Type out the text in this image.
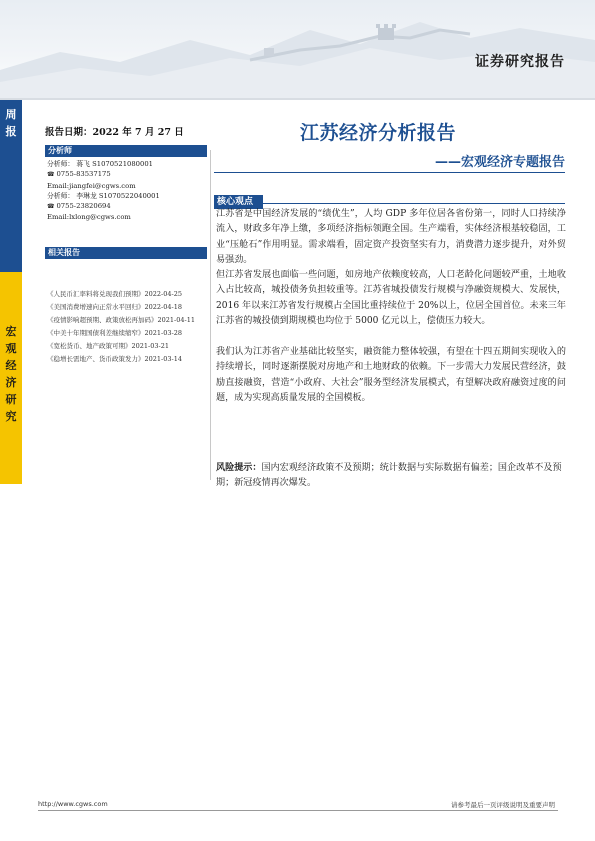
证券研究报告
周报
宏观经济研究
报告日期：2022 年 7 月 27 日
分析师
分析师： 蒋飞 S1070521080001
☎ 0755-83537175
Email:jiangfei@cgws.com
分析师： 李琳龙 S1070522040001
☎ 0755-23820694
Email:lxlong@cgws.com
相关报告
《人民币汇率料将兑现我们预期》2022-04-25
《美国消费增速向正常水平回归》2022-04-18
《疫情影响超预期、政策放松再加码》2021-04-11
《中美十年期国债利差继续缩窄》2021-03-28
《宽松货币、地产政策可期》2021-03-21
《稳增长需地产、货币政策发力》2021-03-14
江苏经济分析报告
——宏观经济专题报告
核心观点
江苏省是中国经济发展的“绩优生”，人均 GDP 多年位居各省份第一，同时人口持续净流入，财政多年净上缴，多项经济指标领跑全国。生产端看，实体经济根基较稳固，工业“压舱石”作用明显。需求端看，固定资产投资坚实有力，消费潜力逐步提升，对外贸易强劲。
但江苏省发展也面临一些问题，如房地产依赖度较高，人口老龄化问题较严重，土地收入占比较高，城投债务负担较重等。江苏省城投债发行规模与净融资规模大、发展快，2016 年以来江苏省发行规模占全国比重持续位于 20%以上，位居全国首位。未来三年江苏省的城投债到期规模也均位于 5000 亿元以上，偿债压力较大。
我们认为江苏省产业基础比较坚实，融资能力整体较强，有望在十四五期间实现收入的持续增长，同时逐渐摆脱对房地产和土地财政的依赖。下一步需大力发展民营经济，鼓励直接融资，营造“小政府、大社会”服务型经济发展模式，有望解决政府融资过度的问题，成为实现高质量发展的全国模板。
风险提示：国内宏观经济政策不及预期；统计数据与实际数据有偏差；国企改革不及预期；新冠疫情再次爆发。
http://www.cgws.com	请参考最后一页评级说明及重要声明
